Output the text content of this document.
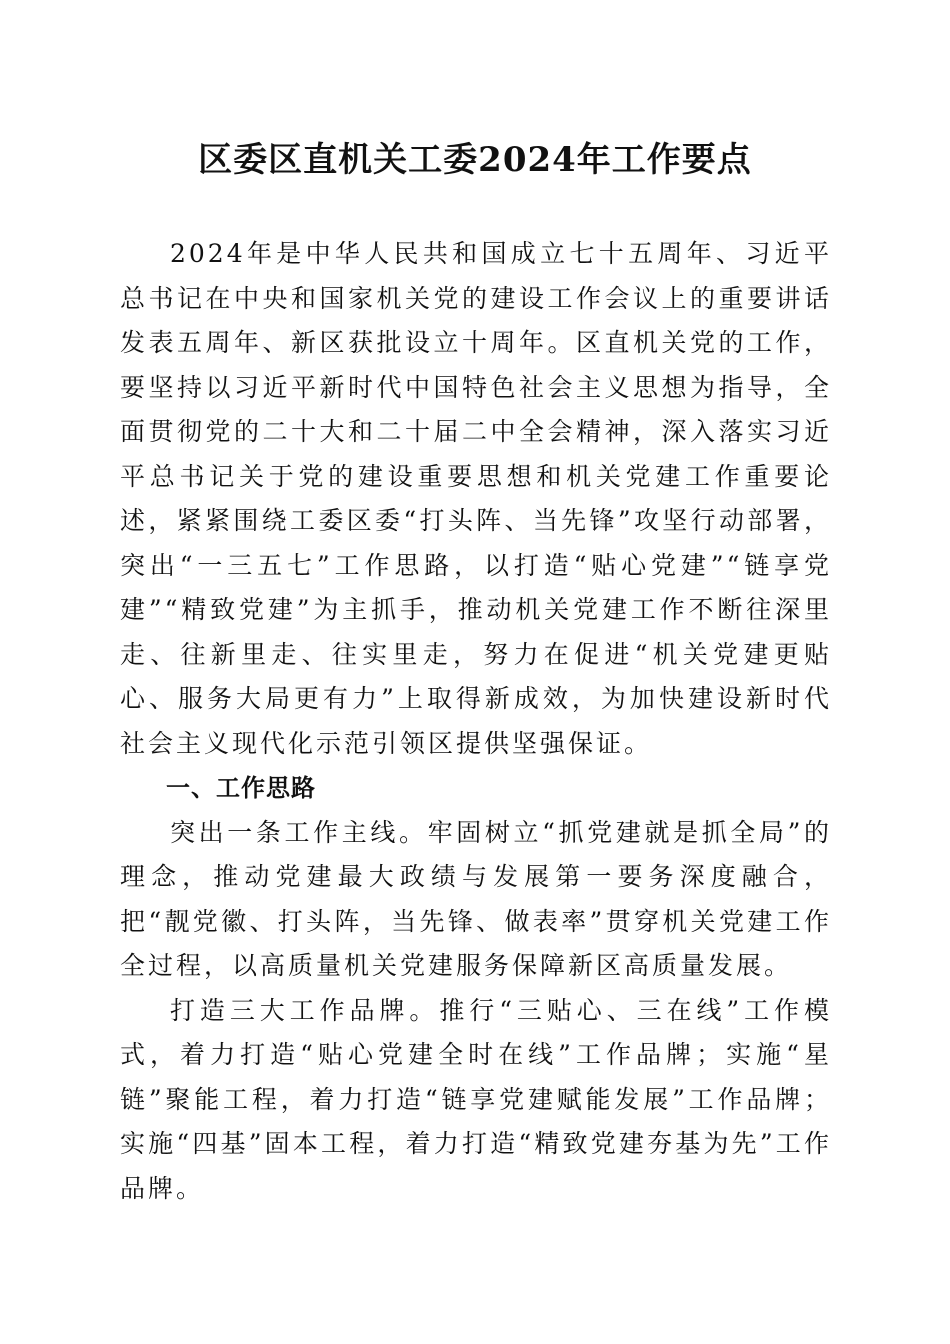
区委区直机关工委2024年工作要点

2024年是中华人民共和国成立七十五周年、习近平总书记在中央和国家机关党的建设工作会议上的重要讲话发表五周年、新区获批设立十周年。区直机关党的工作，要坚持以习近平新时代中国特色社会主义思想为指导，全面贯彻党的二十大和二十届二中全会精神，深入落实习近平总书记关于党的建设重要思想和机关党建工作重要论述，紧紧围绕工委区委“打头阵、当先锋”攻坚行动部署，突出“一三五七”工作思路，以打造“贴心党建”“链享党建”“精致党建”为主抓手，推动机关党建工作不断往深里走、往新里走、往实里走，努力在促进“机关党建更贴心、服务大局更有力”上取得新成效，为加快建设新时代社会主义现代化示范引领区提供坚强保证。

一、工作思路

突出一条工作主线。牢固树立“抓党建就是抓全局”的理念，推动党建最大政绩与发展第一要务深度融合，把“靓党徽、打头阵，当先锋、做表率”贯穿机关党建工作全过程，以高质量机关党建服务保障新区高质量发展。

打造三大工作品牌。推行“三贴心、三在线”工作模式，着力打造“贴心党建全时在线”工作品牌；实施“星链”聚能工程，着力打造“链享党建赋能发展”工作品牌；实施“四基”固本工程，着力打造“精致党建夯基为先”工作品牌。
